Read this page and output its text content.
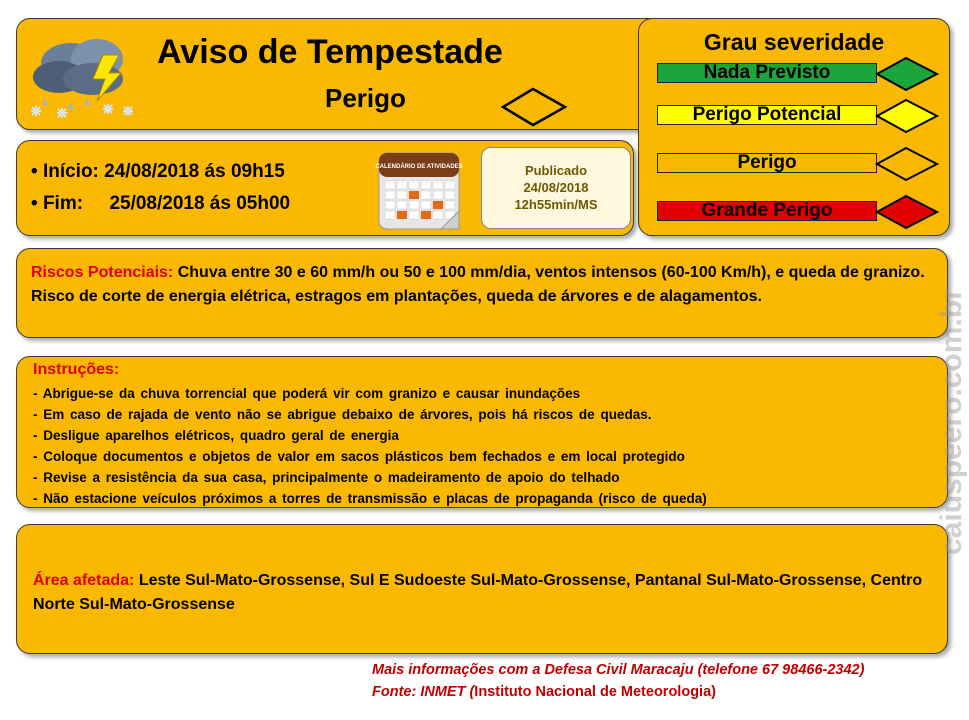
Aviso de Tempestade
Perigo
Grau severidade
Nada Previsto
Perigo Potencial
Perigo
Grande Perigo
• Início: 24/08/2018 ás 09h15
• Fim:     25/08/2018 ás 05h00
CALENDÁRIO DE ATIVIDADES	Publicado
24/08/2018
12h55min/MS
Riscos Potenciais: Chuva entre 30 e 60 mm/h ou 50 e 100 mm/dia, ventos intensos (60-100 Km/h), e queda de granizo. Risco de corte de energia elétrica, estragos em plantações, queda de árvores e de alagamentos.
Instruções:
- Abrigue-se da chuva torrencial que poderá vir com granizo e causar inundações
- Em caso de rajada de vento não se abrigue debaixo de árvores, pois há riscos de quedas.
- Desligue aparelhos elétricos, quadro geral de energia
- Coloque documentos e objetos de valor em sacos plásticos bem fechados e em local protegido
- Revise a resistência da sua casa, principalmente o madeiramento de apoio do telhado
- Não estacione veículos próximos a torres de transmissão e placas de propaganda (risco de queda)
Área afetada: Leste Sul-Mato-Grossense, Sul E Sudoeste Sul-Mato-Grossense, Pantanal Sul-Mato-Grossense, Centro Norte Sul-Mato-Grossense
Mais informações com a Defesa Civil Maracaju (telefone 67 98466-2342)
Fonte: INMET (Instituto Nacional de Meteorologia)
caiuspeero.com.br
